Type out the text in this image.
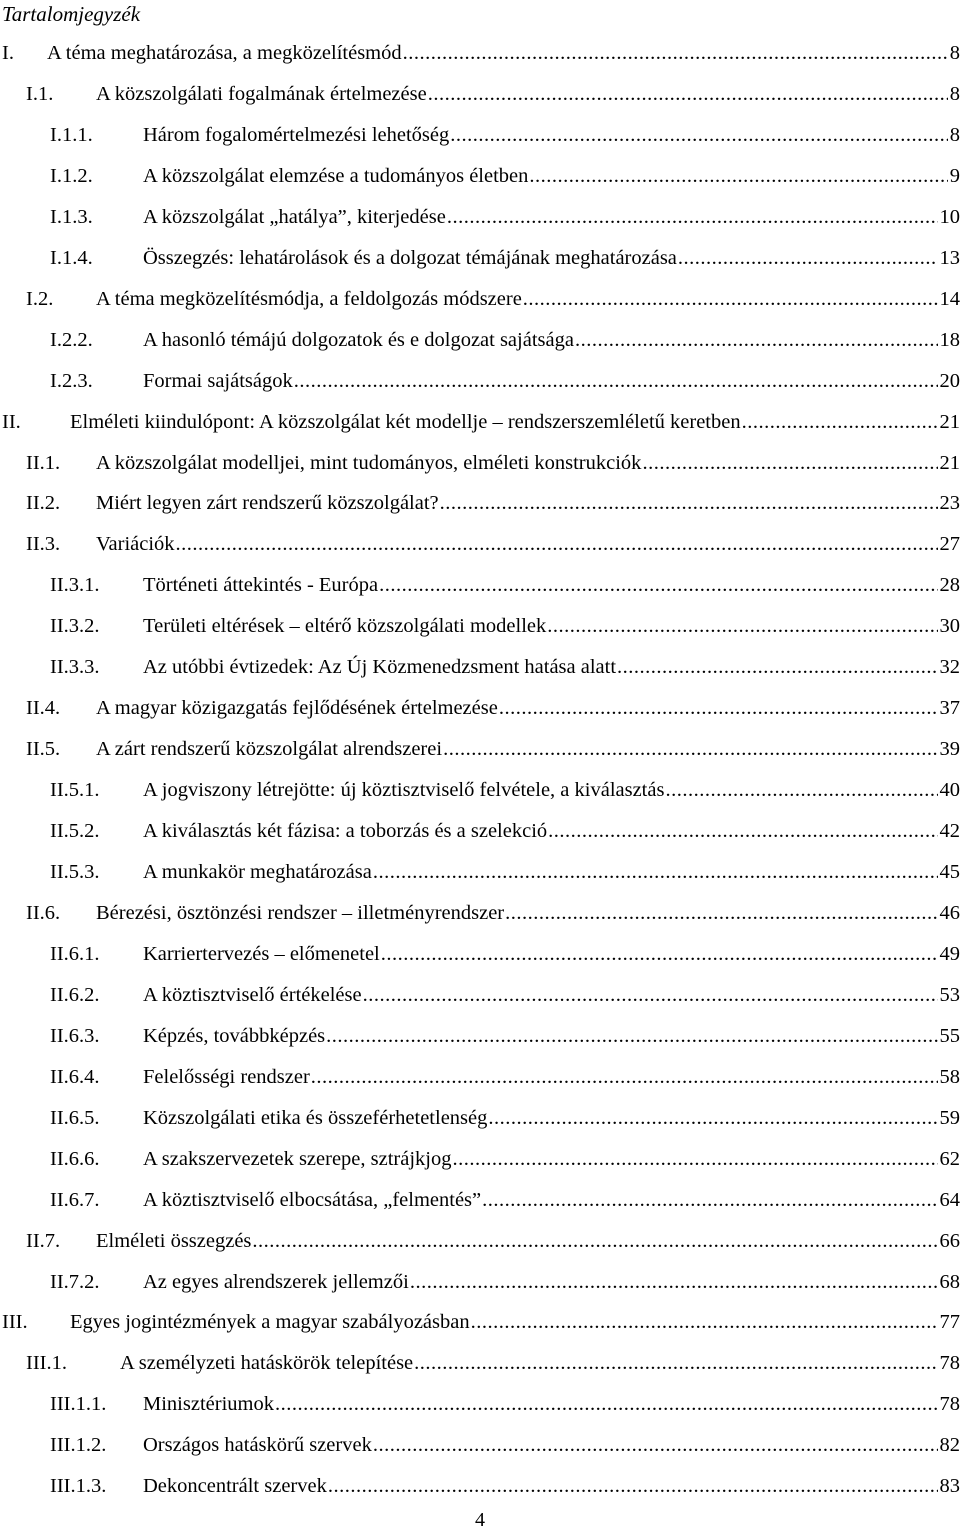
Tartalomjegyzék
I. A téma meghatározása, a megközelítésmód .....	8
I.1. A közszolgálati fogalmának értelmezése .....	8
I.1.1. Három fogalomértelmezési lehetőség .....	8
I.1.2. A közszolgálat elemzése a tudományos életben .....	9
I.1.3. A közszolgálat „hatálya”, kiterjedése .....	10
I.1.4. Összegzés: lehatárolások és a dolgozat témájának meghatározása .....	13
I.2. A téma megközelítésmódja, a feldolgozás módszere .....	14
I.2.2. A hasonló témájú dolgozatok és e dolgozat sajátsága .....	18
I.2.3. Formai sajátságok .....	20
II. Elméleti kiindulópont: A közszolgálat két modellje – rendszerszemléletű keretben .....	21
II.1. A közszolgálat modelljei, mint tudományos, elméleti konstrukciók .....	21
II.2. Miért legyen zárt rendszerű közszolgálat? .....	23
II.3. Variációk .....	27
II.3.1. Történeti áttekintés - Európa .....	28
II.3.2. Területi eltérések – eltérő közszolgálati modellek .....	30
II.3.3. Az utóbbi évtizedek: Az Új Közmenedzsment hatása alatt .....	32
II.4. A magyar közigazgatás fejlődésének értelmezése .....	37
II.5. A zárt rendszerű közszolgálat alrendszerei .....	39
II.5.1. A jogviszony létrejötte: új köztisztviselő felvétele, a kiválasztás .....	40
II.5.2. A kiválasztás két fázisa: a toborzás és a szelekció .....	42
II.5.3. A munkakör meghatározása .....	45
II.6. Bérezési, ösztönzési rendszer – illetményrendszer .....	46
II.6.1. Karriertervezés – előmenetel .....	49
II.6.2. A köztisztviselő értékelése .....	53
II.6.3. Képzés, továbbképzés .....	55
II.6.4. Felelősségi rendszer .....	58
II.6.5. Közszolgálati etika és összeférhetetlenség .....	59
II.6.6. A szakszervezetek szerepe, sztrájkjog .....	62
II.6.7. A köztisztviselő elbocsátása, „felmentés” .....	64
II.7. Elméleti összegzés .....	66
II.7.2. Az egyes alrendszerek jellemzői .....	68
III. Egyes jogintézmények a magyar szabályozásban .....	77
III.1.	A személyzeti hatáskörök telepítése .....	78
III.1.1. Minisztériumok .....	78
III.1.2. Országos hatáskörű szervek .....	82
III.1.3. Dekoncentrált szervek .....	83
4
